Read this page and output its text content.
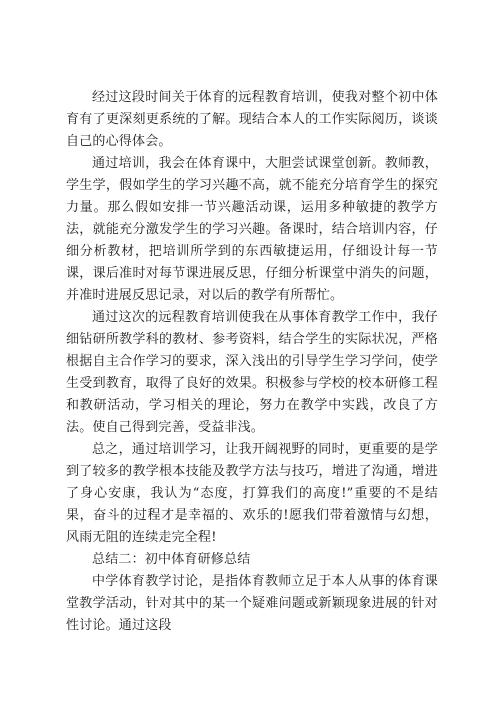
经过这段时间关于体育的远程教育培训，使我对整个初中体育有了更深刻更系统的了解。现结合本人的工作实际阅历，谈谈自己的心得体会。

通过培训，我会在体育课中，大胆尝试课堂创新。教师教，学生学，假如学生的学习兴趣不高，就不能充分培育学生的探究力量。那么假如安排一节兴趣活动课，运用多种敏捷的教学方法，就能充分激发学生的学习兴趣。备课时，结合培训内容，仔细分析教材，把培训所学到的东西敏捷运用，仔细设计每一节课，课后准时对每节课进展反思，仔细分析课堂中消失的问题，并准时进展反思记录，对以后的教学有所帮忙。

通过这次的远程教育培训使我在从事体育教学工作中，我仔细钻研所教学科的教材、参考资料，结合学生的实际状况，严格根据自主合作学习的要求，深入浅出的引导学生学习学问，使学生受到教育，取得了良好的效果。积极参与学校的校本研修工程和教研活动，学习相关的理论，努力在教学中实践，改良了方法。使自己得到完善，受益非浅。

总之，通过培训学习，让我开阔视野的同时，更重要的是学到了较多的教学根本技能及教学方法与技巧，增进了沟通，增进了身心安康，我认为“态度，打算我们的高度!”重要的不是结果，奋斗的过程才是幸福的、欢乐的!愿我们带着激情与幻想，风雨无阻的连续走完全程!

总结二：初中体育研修总结

中学体育教学讨论，是指体育教师立足于本人从事的体育课堂教学活动，针对其中的某一个疑难问题或新颖现象进展的针对性讨论。通过这段
